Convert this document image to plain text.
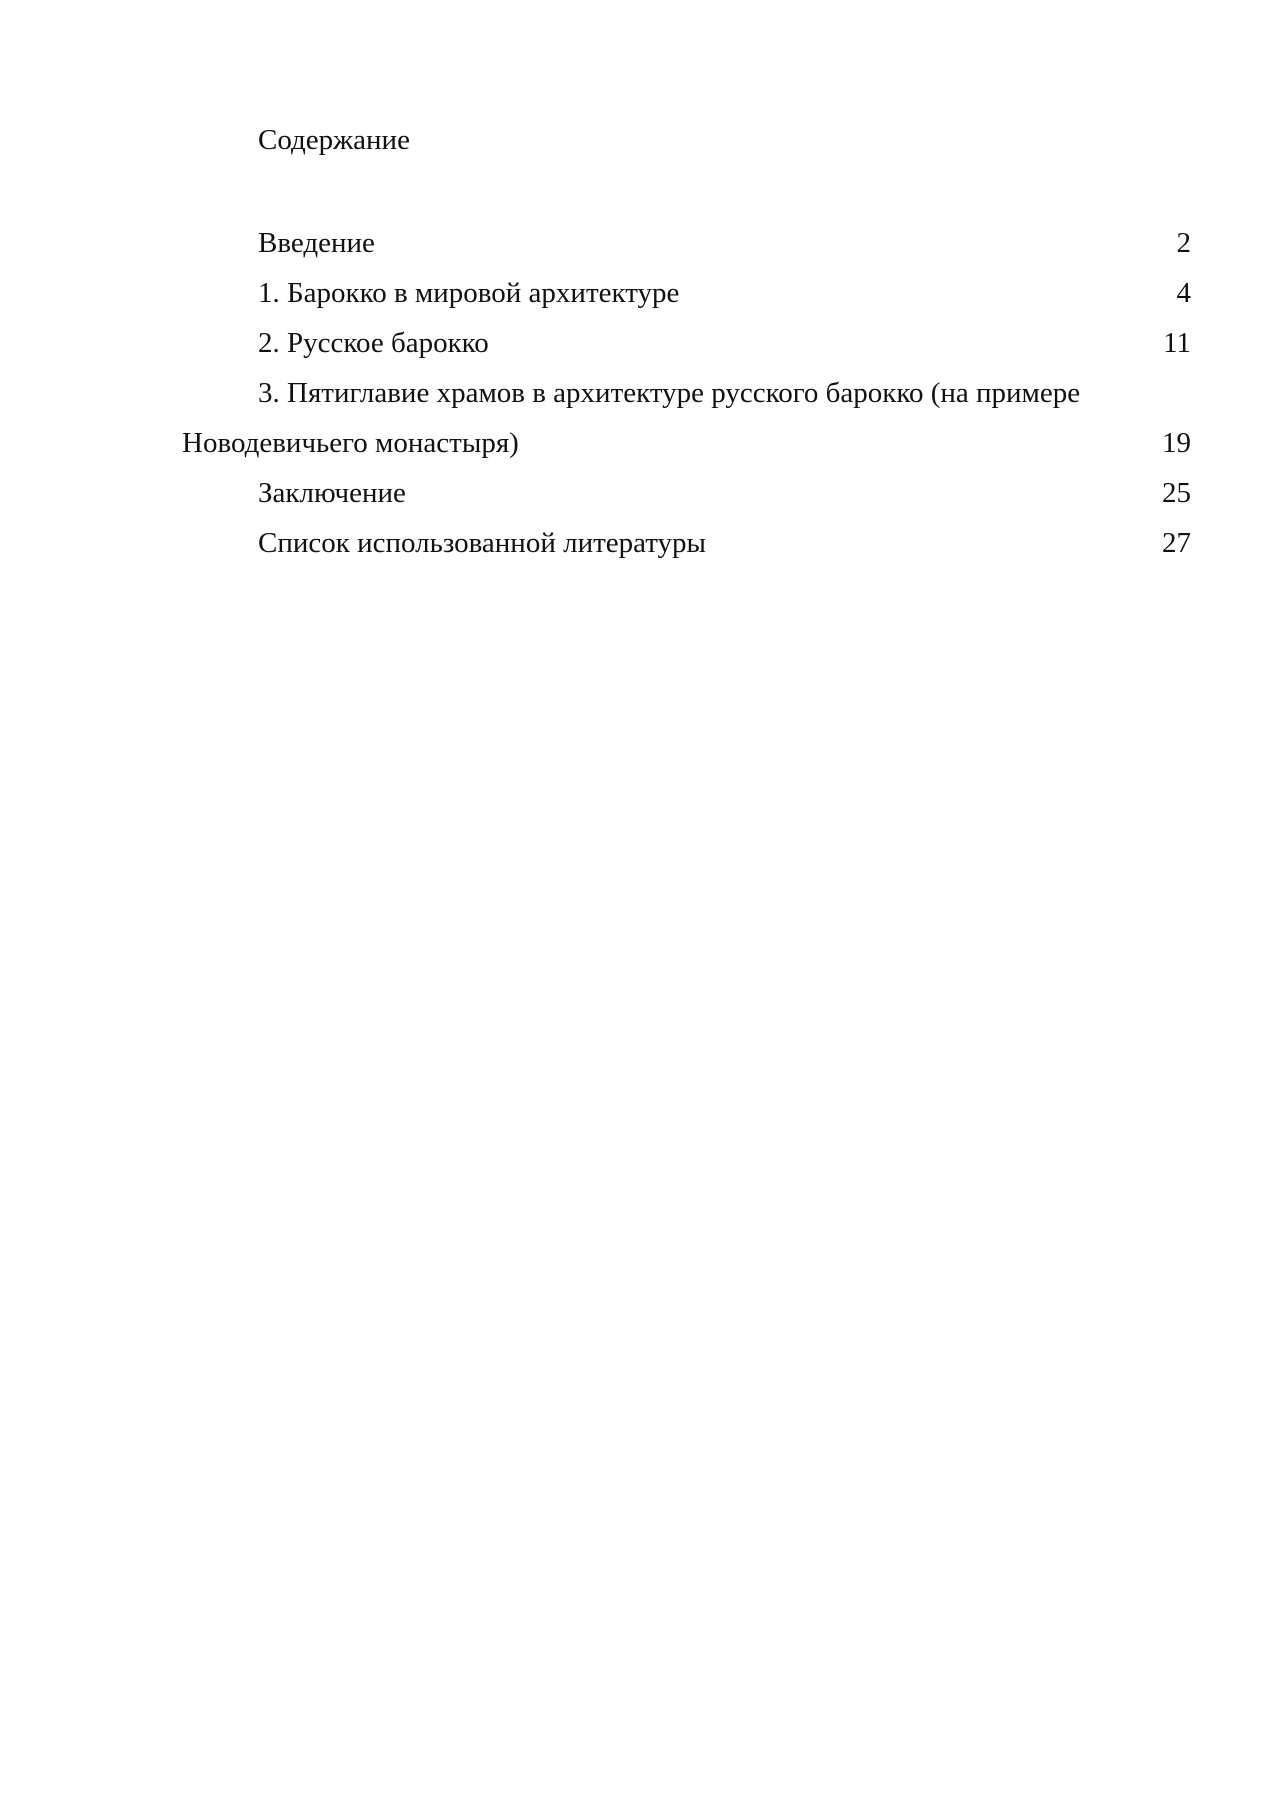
Содержание
Введение	2
1. Барокко в мировой архитектуре	4
2. Русское барокко	11
3. Пятиглавие храмов в архитектуре русского барокко (на примере
Новодевичьего монастыря)	19
Заключение	25
Список использованной литературы	27
